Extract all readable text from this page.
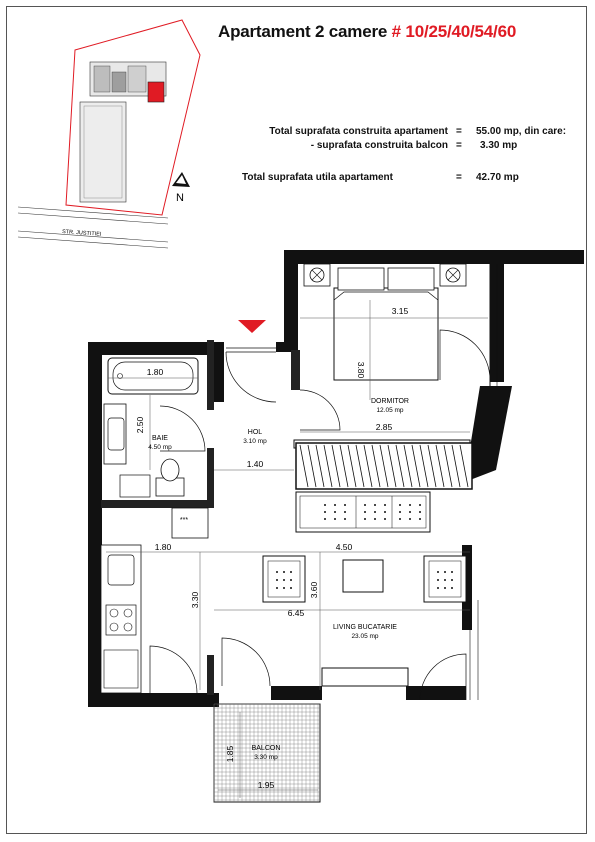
Apartament 2 camere # 10/25/40/54/60
Total suprafata construita apartament = 55.00 mp, din care:
- suprafata construita balcon = 3.30 mp
Total suprafata utila apartament	= 42.70 mp
STR. JUSTITIEI
N
DORMITOR
12.05 mp
BAIE
4.50 mp
HOL
3.10 mp
LIVING BUCATARIE
23.05 mp
BALCON
3.30 mp
***
3.15
3.80
2.85
1.80
2.50
1.40
1.80	4.50
3.60
3.30
6.45
1.85
1.95
